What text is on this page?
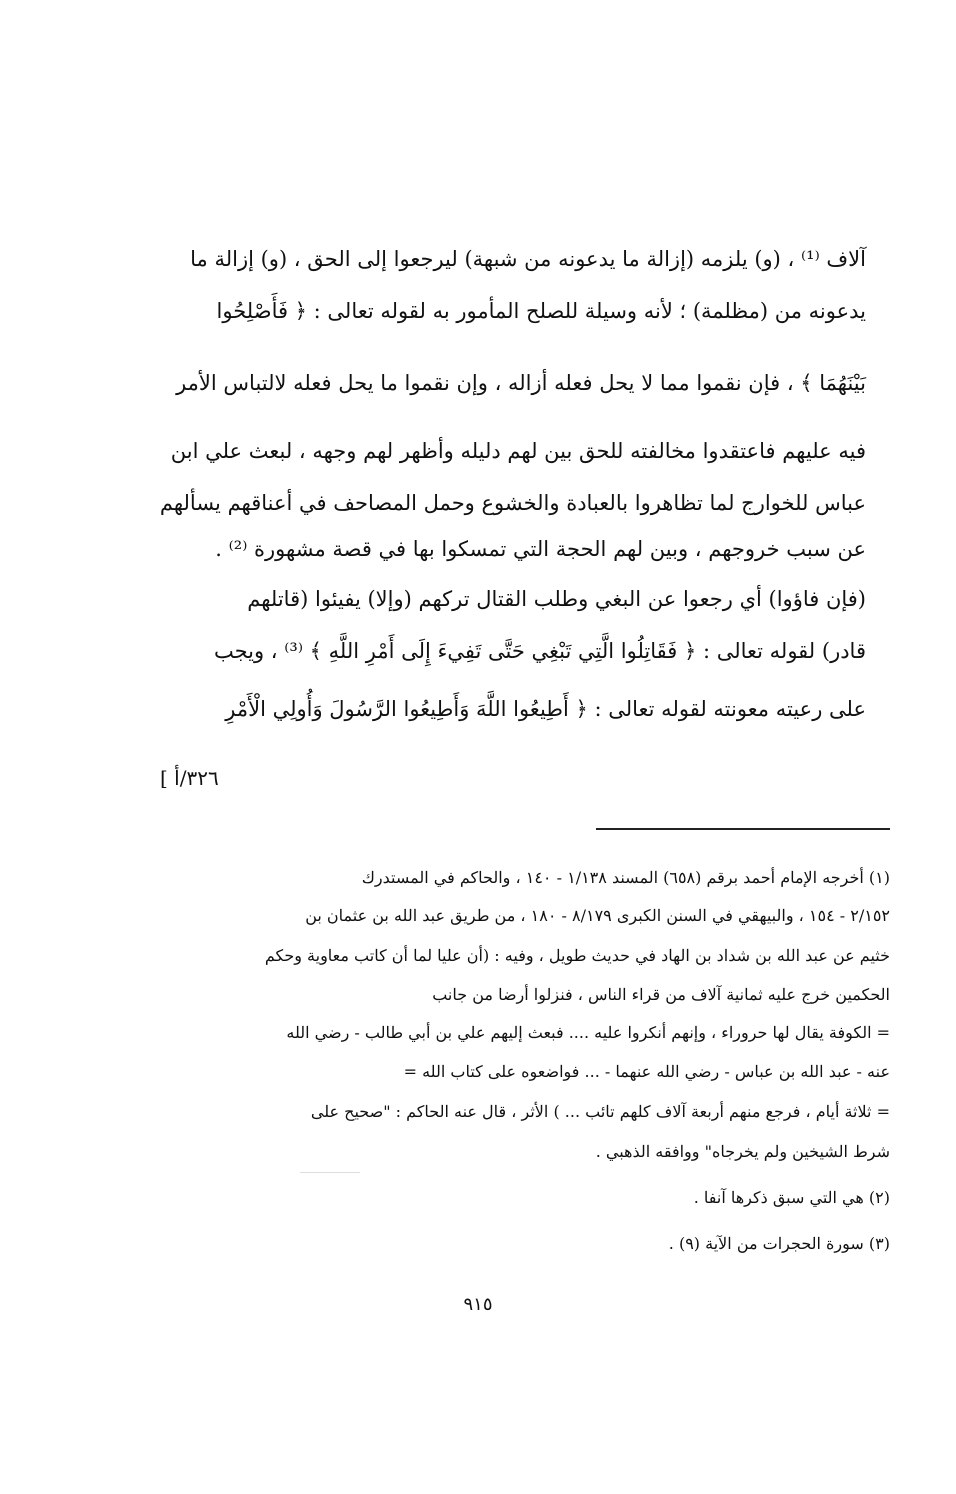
آلاف ⁽¹⁾ ، (و) يلزمه (إزالة ما يدعونه من شبهة) ليرجعوا إلى الحق ، (و) إزالة ما
يدعونه من (مظلمة) ؛ لأنه وسيلة للصلح المأمور به لقوله تعالى : ﴿ فَأَصْلِحُوا
بَيْنَهُمَا ﴾ ، فإن نقموا مما لا يحل فعله أزاله ، وإن نقموا ما يحل فعله لالتباس الأمر
فيه عليهم فاعتقدوا مخالفته للحق بين لهم دليله وأظهر لهم وجهه ، لبعث علي ابن
عباس للخوارج لما تظاهروا بالعبادة والخشوع وحمل المصاحف في أعناقهم يسألهم
عن سبب خروجهم ، وبين لهم الحجة التي تمسكوا بها في قصة مشهورة ⁽²⁾ .
(فإن فاؤوا) أي رجعوا عن البغي وطلب القتال تركهم (وإلا) يفيئوا (قاتلهم
قادر) لقوله تعالى : ﴿ فَقَاتِلُوا الَّتِي تَبْغِي حَتَّى تَفِيءَ إِلَى أَمْرِ اللَّهِ ﴾ ⁽³⁾ ، ويجب
على رعيته معونته لقوله تعالى : ﴿ أَطِيعُوا اللَّهَ وَأَطِيعُوا الرَّسُولَ وَأُولِي الْأَمْرِ
[ ٣٢٦/أ
(١) أخرجه الإمام أحمد برقم (٦٥٨) المسند ١/١٣٨ - ١٤٠ ، والحاكم في المستدرك
٢/١٥٢ - ١٥٤ ، والبيهقي في السنن الكبرى ٨/١٧٩ - ١٨٠ ، من طريق عبد الله بن عثمان بن
خثيم عن عبد الله بن شداد بن الهاد في حديث طويل ، وفيه : (أن عليا لما أن كاتب معاوية وحكم
الحكمين خرج عليه ثمانية آلاف من قراء الناس ، فنزلوا أرضا من جانب
= الكوفة يقال لها حروراء ، وإنهم أنكروا عليه .... فبعث إليهم علي بن أبي طالب - رضي الله
عنه - عبد الله بن عباس - رضي الله عنهما - ... فواضعوه على كتاب الله =
= ثلاثة أيام ، فرجع منهم أربعة آلاف كلهم تائب ... ) الأثر ، قال عنه الحاكم : "صحيح على
شرط الشيخين ولم يخرجاه" ووافقه الذهبي .
(٢) هي التي سبق ذكرها آنفا .
(٣) سورة الحجرات من الآية (٩) .
٩١٥
